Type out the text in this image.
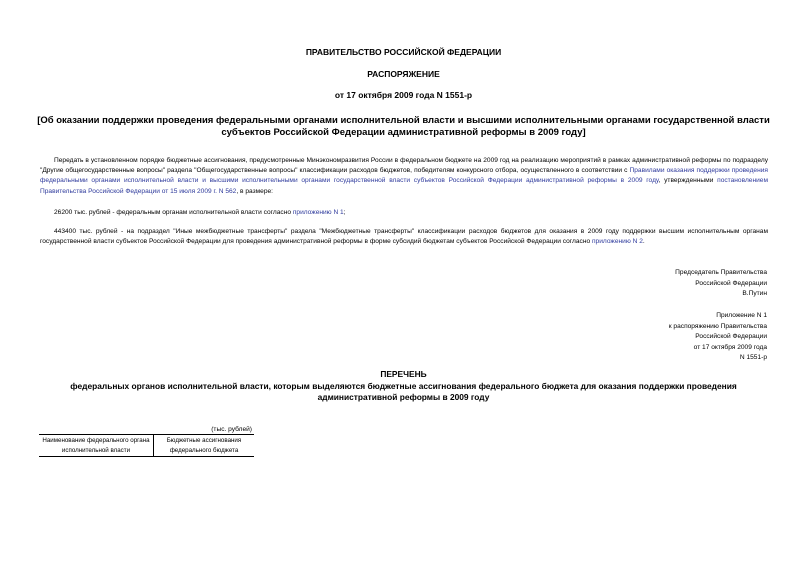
ПРАВИТЕЛЬСТВО РОССИЙСКОЙ ФЕДЕРАЦИИ
РАСПОРЯЖЕНИЕ
от 17 октября 2009 года N 1551-р
[Об оказании поддержки проведения федеральными органами исполнительной власти и высшими исполнительными органами государственной власти субъектов Российской Федерации административной реформы в 2009 году]
Передать в установленном порядке бюджетные ассигнования, предусмотренные Минэкономразвития России в федеральном бюджете на 2009 год на реализацию мероприятий в рамках административной реформы по подразделу "Другие общегосударственные вопросы" раздела "Общегосударственные вопросы" классификации расходов бюджетов, победителям конкурсного отбора, осуществленного в соответствии с Правилами оказания поддержки проведения федеральными органами исполнительной власти и высшими исполнительными органами государственной власти субъектов Российской Федерации административной реформы в 2009 году, утвержденными постановлением Правительства Российской Федерации от 15 июля 2009 г. N 562, в размере:
26200 тыс. рублей - федеральным органам исполнительной власти согласно приложению N 1;
443400 тыс. рублей - на подраздел "Иные межбюджетные трансферты" раздела "Межбюджетные трансферты" классификации расходов бюджетов для оказания в 2009 году поддержки высшим исполнительным органам государственной власти субъектов Российской Федерации для проведения административной реформы в форме субсидий бюджетам субъектов Российской Федерации согласно приложению N 2.
Председатель Правительства
Российской Федерации
В.Путин
Приложение N 1
к распоряжению Правительства
Российской Федерации
от 17 октября 2009 года
N 1551-р
ПЕРЕЧЕНЬ
федеральных органов исполнительной власти, которым выделяются бюджетные ассигнования федерального бюджета для оказания поддержки проведения административной реформы в 2009 году
(тыс. рублей)
Наименование федерального органа исполнительной власти	Бюджетные ассигнования федерального бюджета
